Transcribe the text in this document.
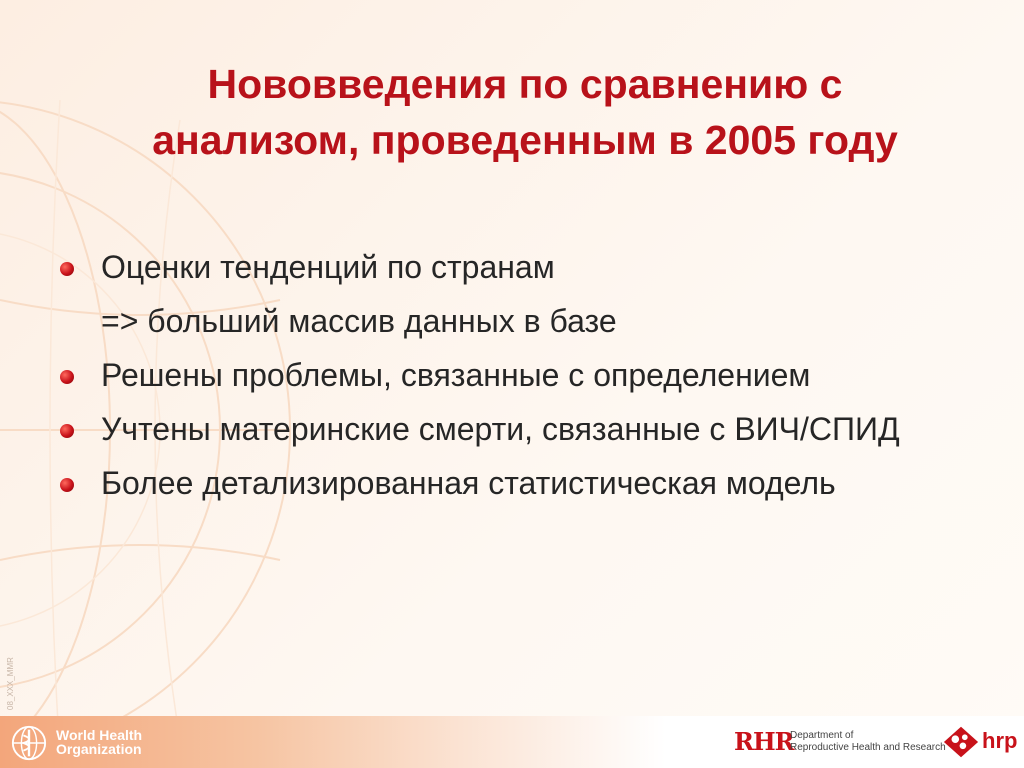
Нововведения по сравнению с
анализом, проведенным в 2005 году
Оценки тенденций по странам
=> больший массив данных в базе
Решены проблемы, связанные с определением
Учтены материнские смерти, связанные с ВИЧ/СПИД
Более детализированная статистическая модель
08_XXX_MMR
World Health
Organization	RHR
Department of
Reproductive Health and Research hrp
